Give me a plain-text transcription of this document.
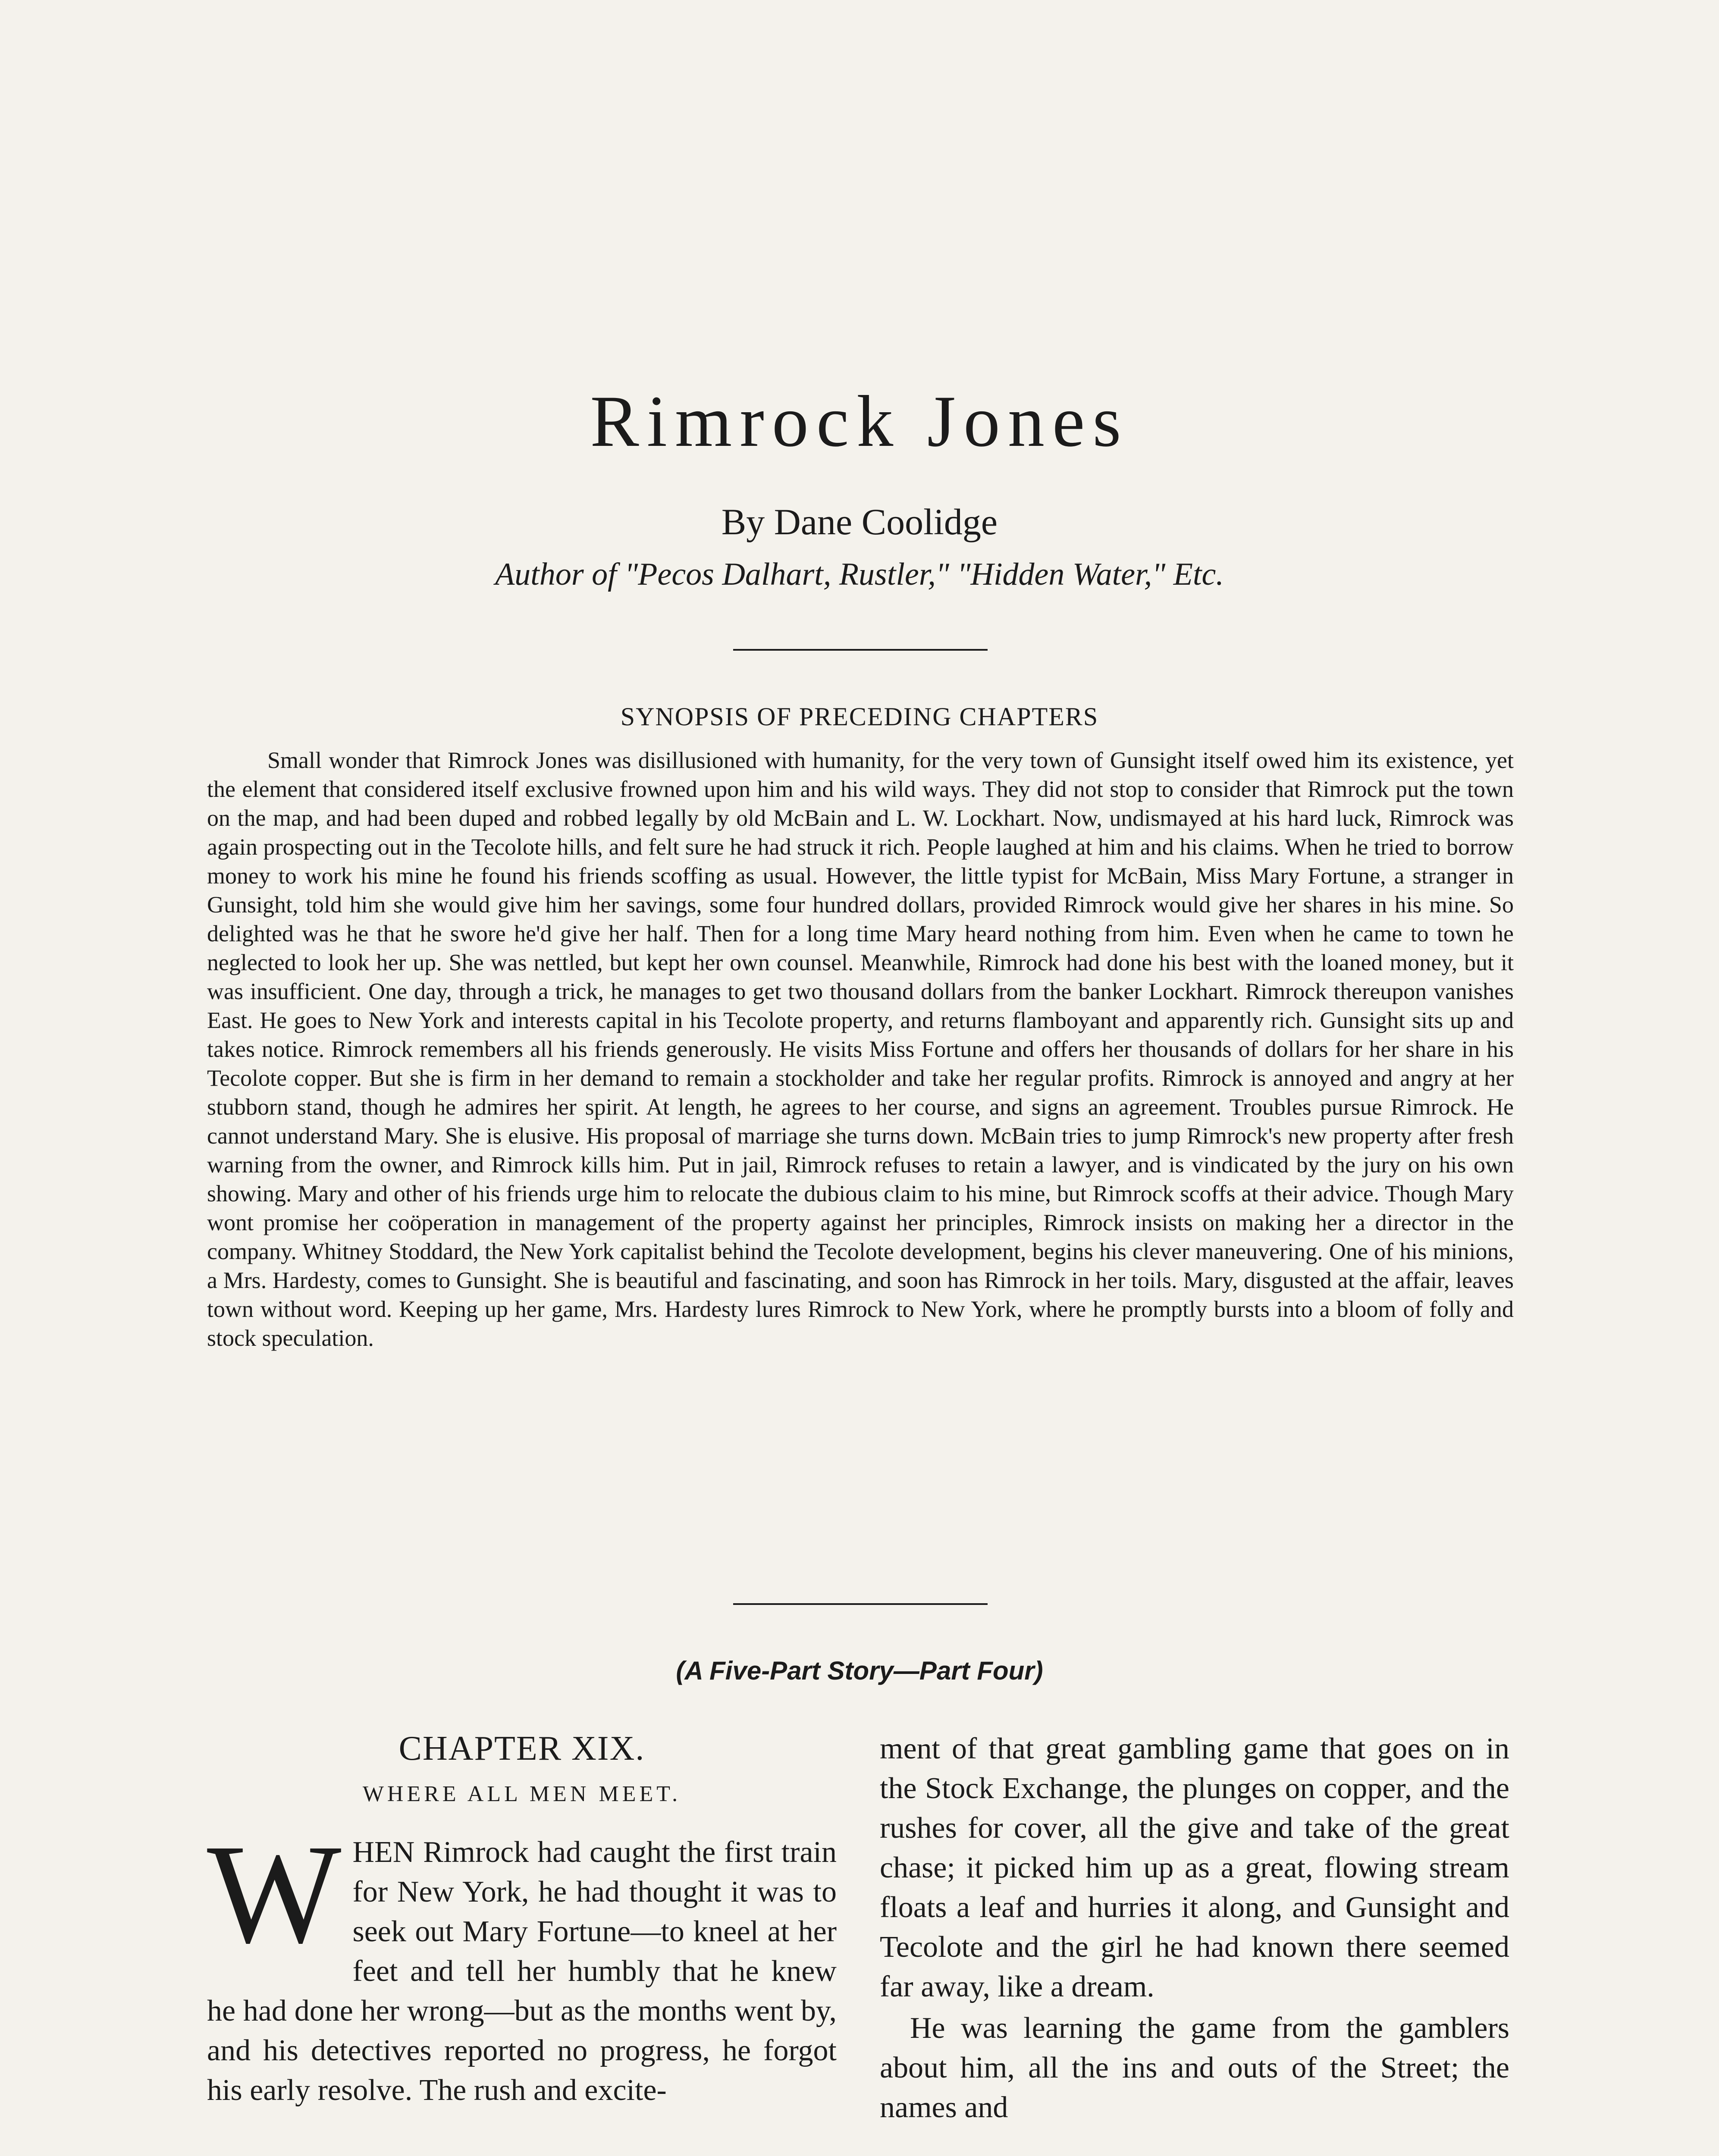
Rimrock Jones

By Dane Coolidge

Author of "Pecos Dalhart, Rustler," "Hidden Water," Etc.

SYNOPSIS OF PRECEDING CHAPTERS

Small wonder that Rimrock Jones was disillusioned with humanity, for the very town of Gunsight itself owed him its existence, yet the element that considered itself exclusive frowned upon him and his wild ways. They did not stop to consider that Rimrock put the town on the map, and had been duped and robbed legally by old McBain and L. W. Lockhart. Now, undismayed at his hard luck, Rimrock was again prospecting out in the Tecolote hills, and felt sure he had struck it rich. People laughed at him and his claims. When he tried to borrow money to work his mine he found his friends scoffing as usual. However, the little typist for McBain, Miss Mary Fortune, a stranger in Gunsight, told him she would give him her savings, some four hundred dollars, provided Rimrock would give her shares in his mine. So delighted was he that he swore he'd give her half. Then for a long time Mary heard nothing from him. Even when he came to town he neglected to look her up. She was nettled, but kept her own counsel. Meanwhile, Rimrock had done his best with the loaned money, but it was insufficient. One day, through a trick, he manages to get two thousand dollars from the banker Lockhart. Rimrock thereupon vanishes East. He goes to New York and interests capital in his Tecolote property, and returns flamboyant and apparently rich. Gunsight sits up and takes notice. Rimrock remembers all his friends generously. He visits Miss Fortune and offers her thousands of dollars for her share in his Tecolote copper. But she is firm in her demand to remain a stockholder and take her regular profits. Rimrock is annoyed and angry at her stubborn stand, though he admires her spirit. At length, he agrees to her course, and signs an agreement. Troubles pursue Rimrock. He cannot understand Mary. She is elusive. His proposal of marriage she turns down. McBain tries to jump Rimrock's new property after fresh warning from the owner, and Rimrock kills him. Put in jail, Rimrock refuses to retain a lawyer, and is vindicated by the jury on his own showing. Mary and other of his friends urge him to relocate the dubious claim to his mine, but Rimrock scoffs at their advice. Though Mary wont promise her coöperation in management of the property against her principles, Rimrock insists on making her a director in the company. Whitney Stoddard, the New York capitalist behind the Tecolote development, begins his clever maneuvering. One of his minions, a Mrs. Hardesty, comes to Gunsight. She is beautiful and fascinating, and soon has Rimrock in her toils. Mary, disgusted at the affair, leaves town without word. Keeping up her game, Mrs. Hardesty lures Rimrock to New York, where he promptly bursts into a bloom of folly and stock speculation.

(A Five-Part Story—Part Four)

CHAPTER XIX.

WHERE ALL MEN MEET.

WHEN Rimrock had caught the first train for New York, he had thought it was to seek out Mary Fortune—to kneel at her feet and tell her humbly that he knew he had done her wrong—but as the months went by, and his detectives reported no progress, he forgot his early resolve. The rush and excite-

ment of that great gambling game that goes on in the Stock Exchange, the plunges on copper, and the rushes for cover, all the give and take of the great chase; it picked him up as a great, flowing stream floats a leaf and hurries it along, and Gunsight and Tecolote and the girl he had known there seemed far away, like a dream.

He was learning the game from the gamblers about him, all the ins and outs of the Street; the names and
